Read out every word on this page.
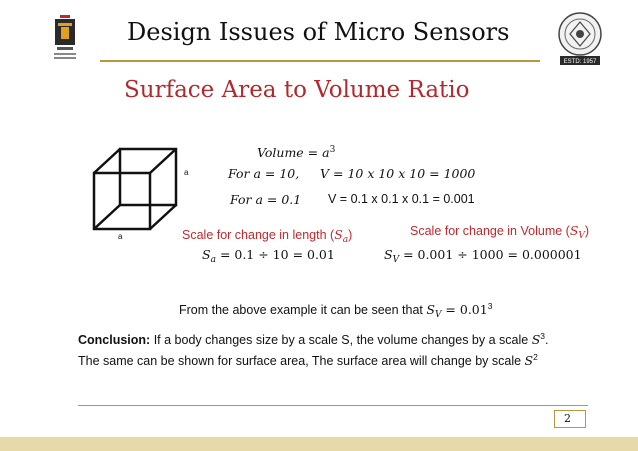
ESTD: 1957
Design Issues of Micro Sensors
Surface Area to Volume Ratio
a
a
Volume = $a^3$
For a = 10, V = 10 x 10 x 10 = 1000
For a = 0.1 V = 0.1 x 0.1 x 0.1 = 0.001
Scale for change in length $(S_a)$	Scale for change in Volume $(S_V)$
$S_a = 0.1 \div 10 = 0.01$	$S_V = 0.001 \div 1000 = 0.000001$
From the above example it can be seen that $S_V = 0.01^3$
Conclusion: If a body changes size by a scale S, the volume changes by a scale $S^3$.
The same can be shown for surface area, The surface area will change by scale $S^2$
2
